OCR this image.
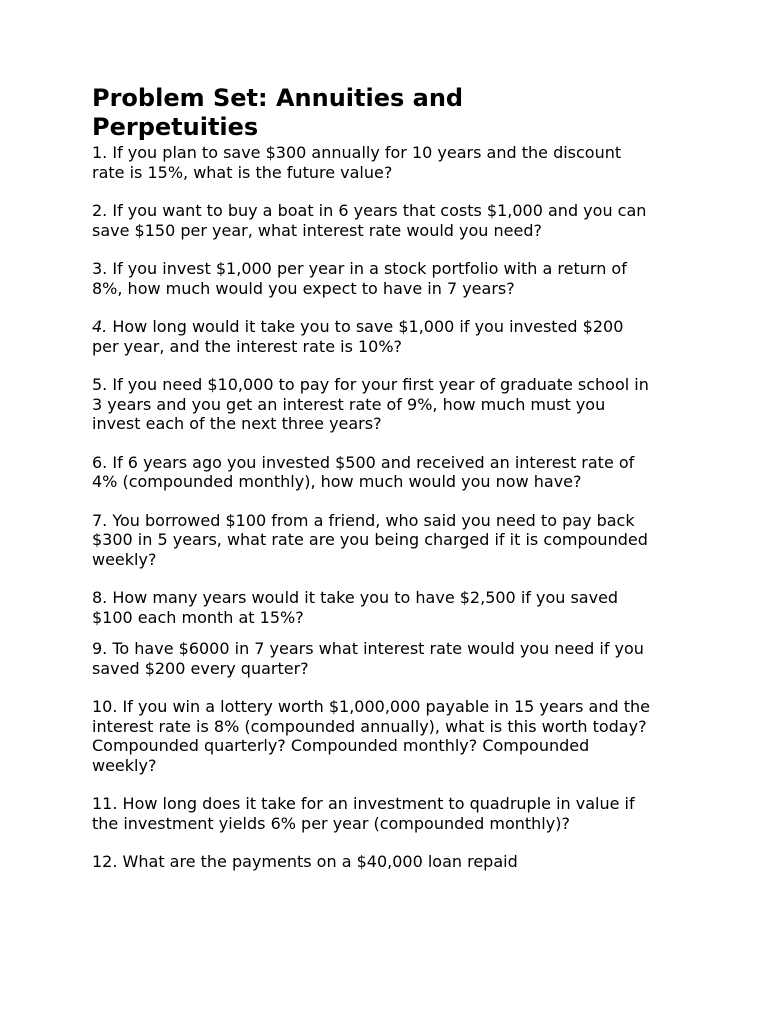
Problem Set: Annuities and
Perpetuities
1. If you plan to save $300 annually for 10 years and the discount rate is 15%, what is the future value?
2. If you want to buy a boat in 6 years that costs $1,000 and you can save $150 per year, what interest rate would you need?
3. If you invest $1,000 per year in a stock portfolio with a return of 8%, how much would you expect to have in 7 years?
4. How long would it take you to save $1,000 if you invested $200 per year, and the interest rate is 10%?
5. If you need $10,000 to pay for your first year of graduate school in 3 years and you get an interest rate of 9%, how much must you invest each of the next three years?
6. If 6 years ago you invested $500 and received an interest rate of 4% (compounded monthly), how much would you now have?
7. You borrowed $100 from a friend, who said you need to pay back $300 in 5 years, what rate are you being charged if it is compounded weekly?
8. How many years would it take you to have $2,500 if you saved $100 each month at 15%?
9. To have $6000 in 7 years what interest rate would you need if you saved $200 every quarter?
10. If you win a lottery worth $1,000,000 payable in 15 years and the interest rate is 8% (compounded annually), what is this worth today? Compounded quarterly? Compounded monthly? Compounded weekly?
11. How long does it take for an investment to quadruple in value if the investment yields 6% per year (compounded monthly)?
12. What are the payments on a $40,000 loan repaid
